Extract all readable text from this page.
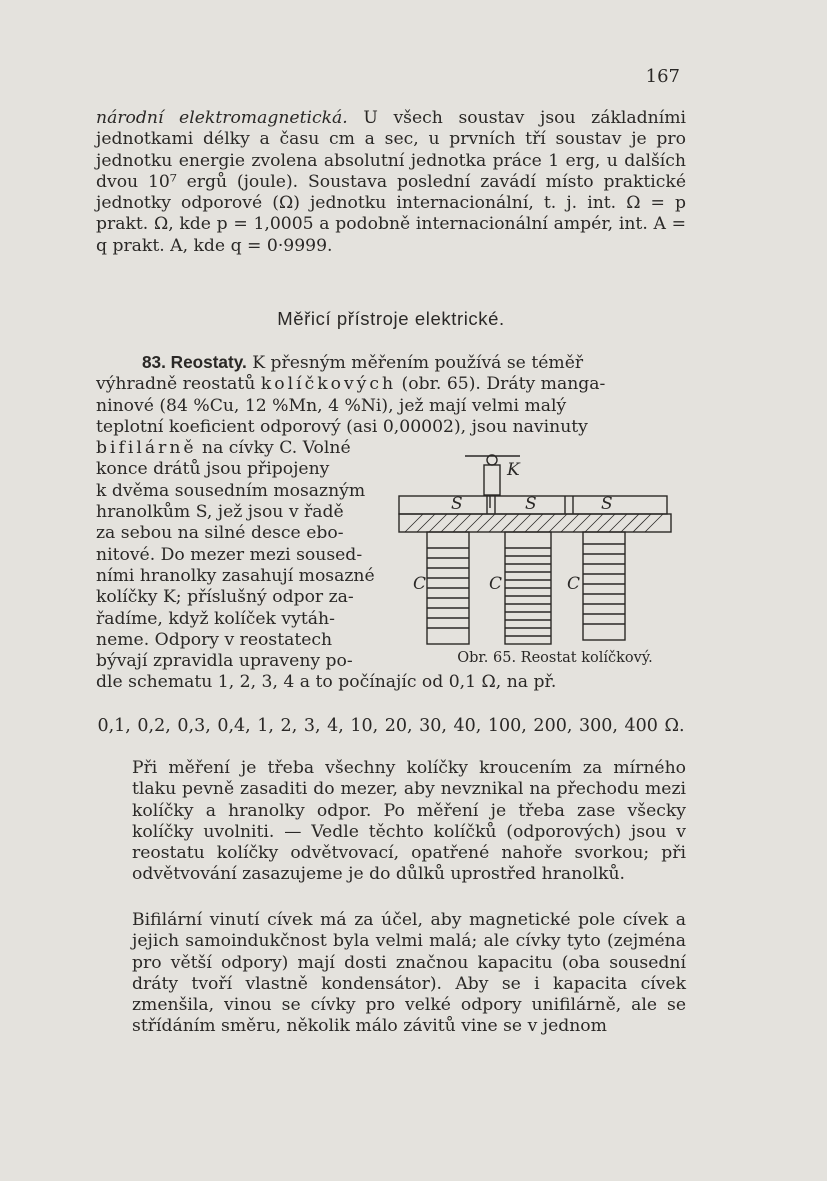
167

národní elektromagnetická. U všech soustav jsou základními jednotkami délky a času cm a sec, u prvních tří soustav je pro jednotku energie zvolena absolutní jednotka práce 1 erg, u dalších dvou 10⁷ ergů (joule). Soustava poslední zavádí místo praktické jednotky odporové (Ω) jednotku internacionální, t. j. int. Ω = p prakt. Ω, kde p = 1,0005 a podobně internacionální ampér, int. A = q prakt. A, kde q = 0·9999.

Měřicí přístroje elektrické.

83. Reostaty. K přesným měřením používá se téměř

výhradně reostatů kolíčkových (obr. 65). Dráty manga-

ninové (84 %Cu, 12 %Mn, 4 %Ni), jež mají velmi malý

teplotní koeficient odporový (asi 0,00002), jsou navinuty

bifilárně na cívky C. Volné

konce drátů jsou připojeny

k dvěma sousedním mosazným

hranolkům S, jež jsou v řadě

za sebou na silné desce ebo-

nitové. Do mezer mezi soused-

ními hranolky zasahují mosazné

kolíčky K; příslušný odpor za-

řadíme, když kolíček vytáh-

neme. Odpory v reostatech

bývají zpravidla upraveny po-

dle schematu 1, 2, 3, 4 a to počínajíc od 0,1 Ω, na př.

K
S	S	S
C	C	C
Obr. 65. Reostat kolíčkový.
0,1, 0,2, 0,3, 0,4, 1, 2, 3, 4, 10, 20, 30, 40, 100, 200, 300, 400 Ω.

Při měření je třeba všechny kolíčky kroucením za mírného tlaku pevně zasaditi do mezer, aby nevznikal na přechodu mezi kolíčky a hranolky odpor. Po měření je třeba zase všecky kolíčky uvolniti. — Vedle těchto kolíčků (odporových) jsou v reostatu kolíčky odvětvovací, opatřené nahoře svorkou; při odvětvování zasazujeme je do důlků uprostřed hranolků.

Bifilární vinutí cívek má za účel, aby magnetické pole cívek a jejich samoindukčnost byla velmi malá; ale cívky tyto (zejména pro větší odpory) mají dosti značnou kapacitu (oba sousední dráty tvoří vlastně kondensátor). Aby se i kapacita cívek zmenšila, vinou se cívky pro velké odpory unifilárně, ale se střídáním směru, několik málo závitů vine se v jednom
